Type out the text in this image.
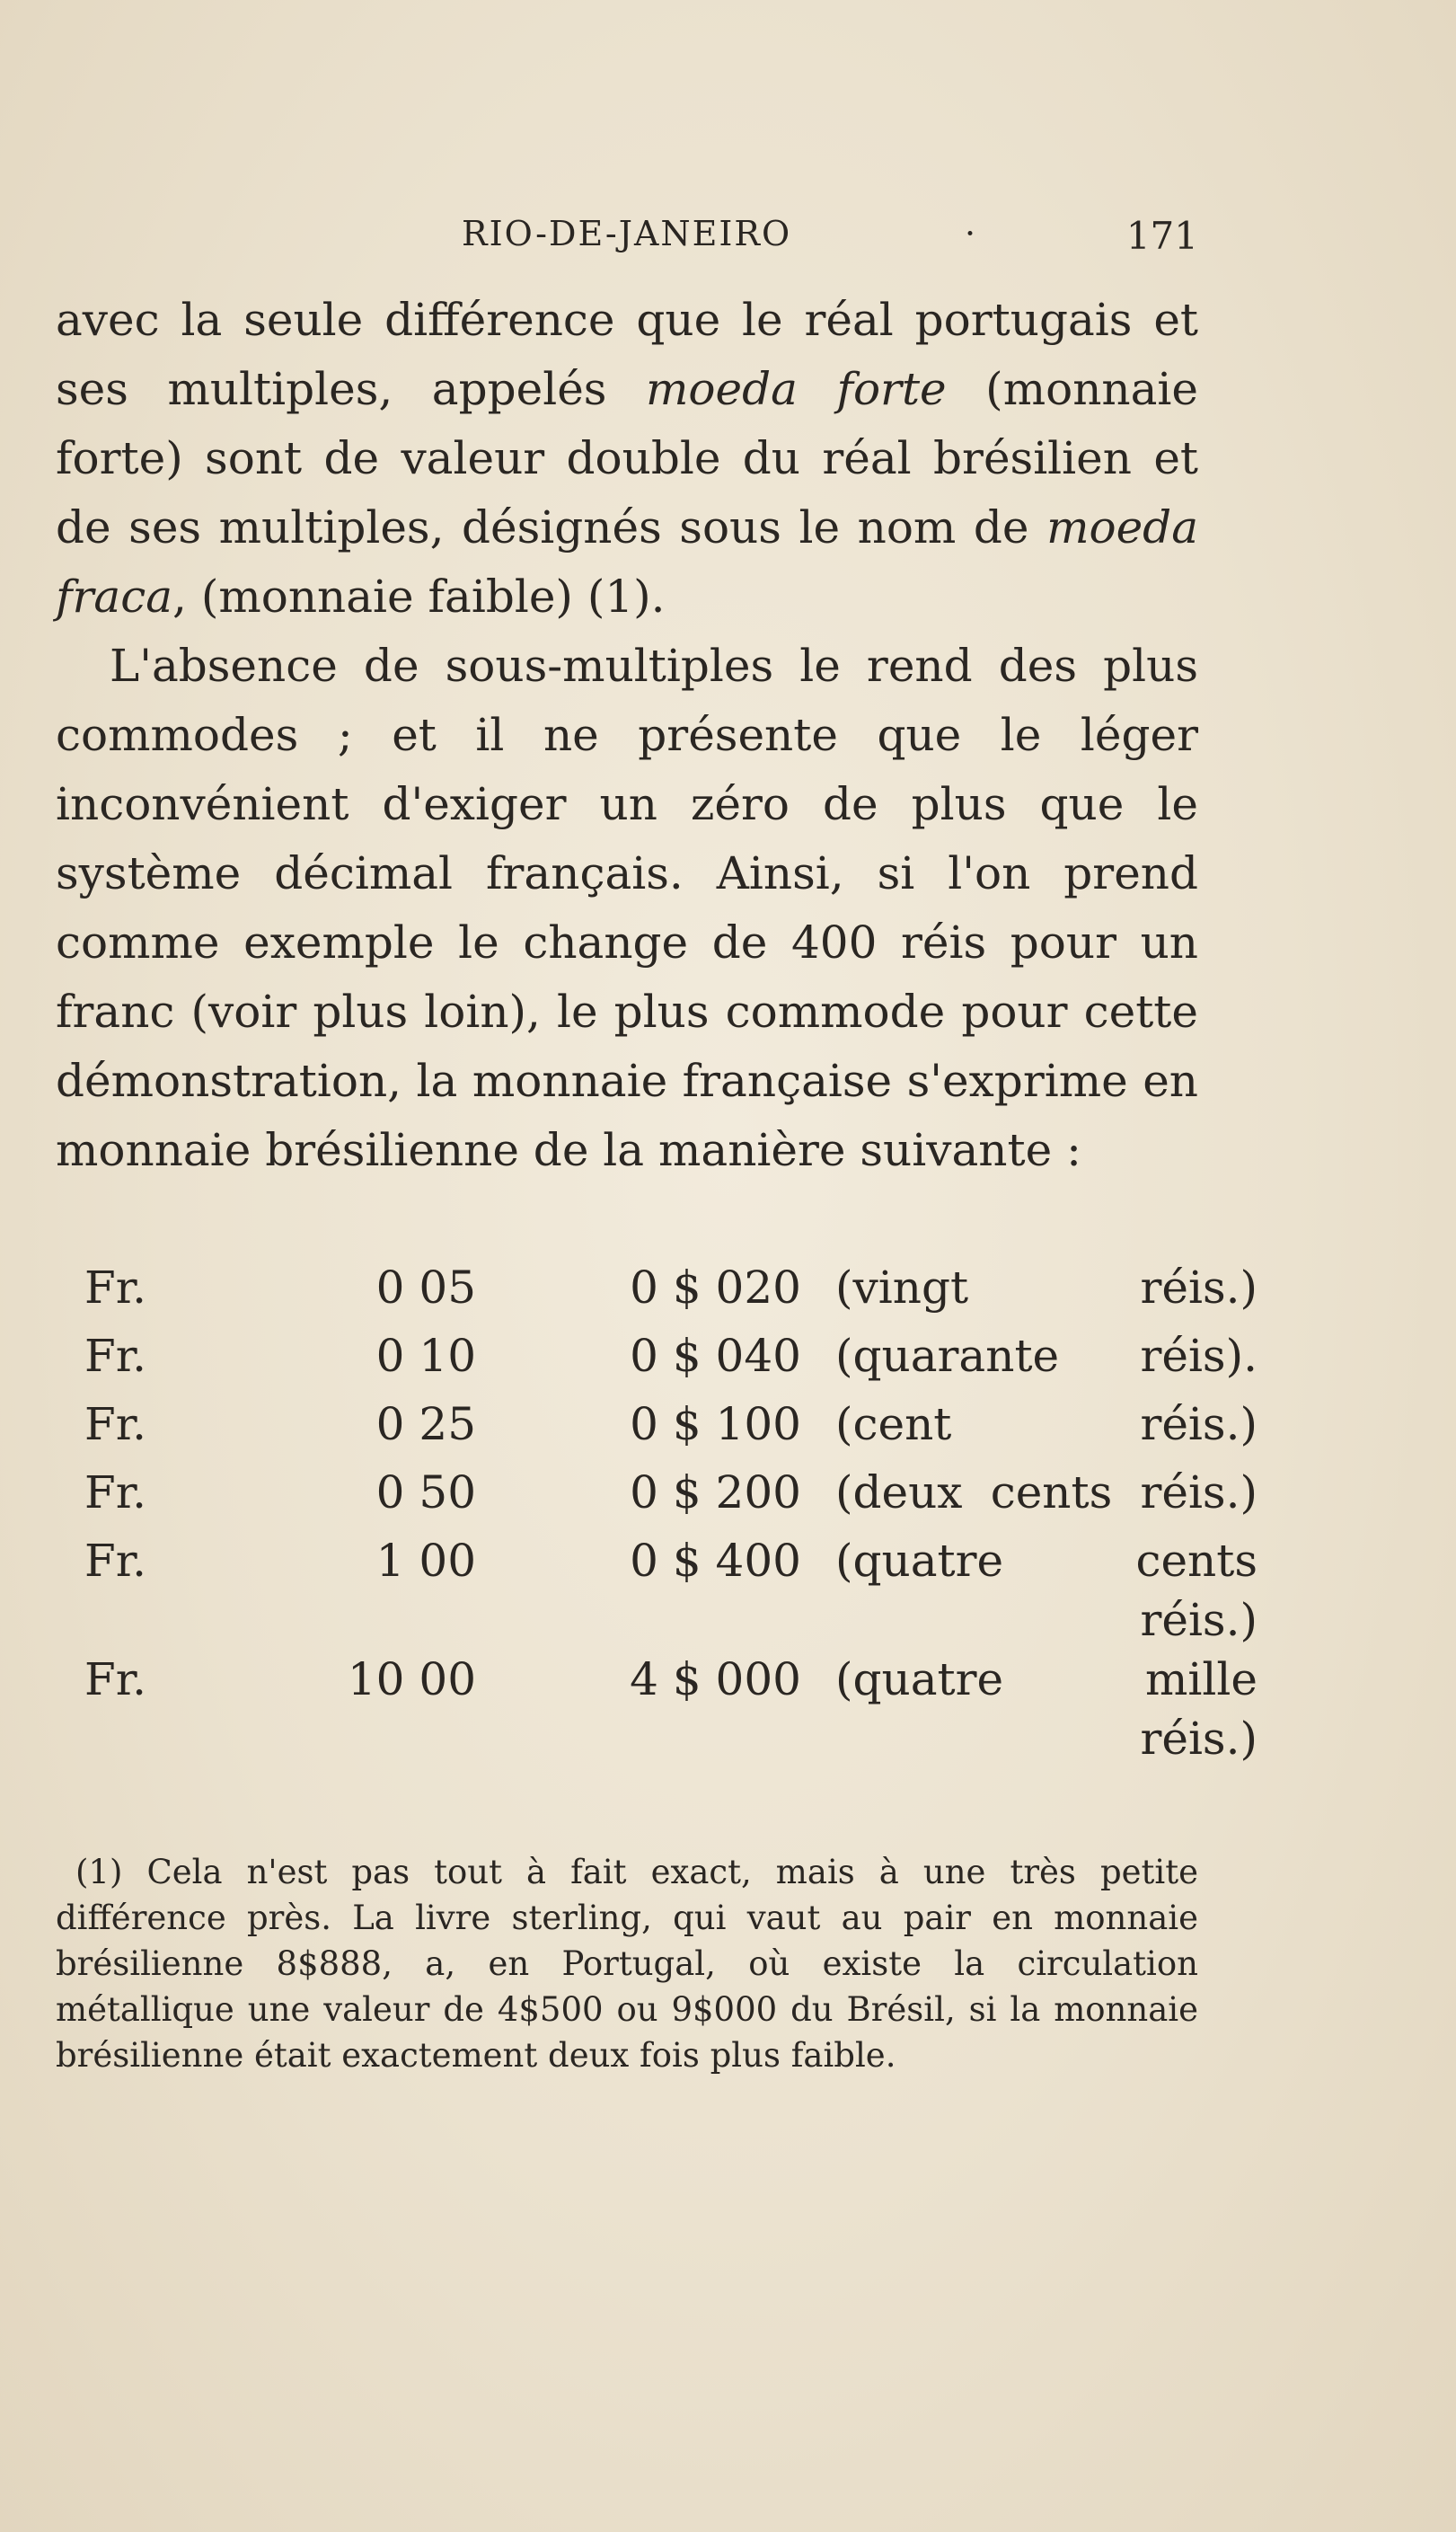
RIO-DE-JANEIRO	·	171

avec la seule différence que le réal portugais et ses multiples, appelés moeda forte (monnaie forte) sont de valeur double du réal brésilien et de ses multiples, désignés sous le nom de moeda fraca, (monnaie faible) (1).

L'absence de sous-multiples le rend des plus commodes ; et il ne présente que le léger inconvénient d'exiger un zéro de plus que le système décimal français. Ainsi, si l'on prend comme exemple le change de 400 réis pour un franc (voir plus loin), le plus commode pour cette démonstration, la monnaie française s'exprime en monnaie brésilienne de la manière suivante :

Fr.	0 05	0 $ 020 (vingt réis.)
Fr.	0 10	0 $ 040 (quarante réis).
Fr.	0 25	0 $ 100 (cent réis.)
Fr.	0 50	0 $ 200 (deux cents réis.)
Fr.	1 00	0 $ 400 (quatre cents
réis.)
Fr.	10 00	4 $ 000 (quatre mille
réis.)

(1) Cela n'est pas tout à fait exact, mais à une très petite différence près. La livre sterling, qui vaut au pair en monnaie brésilienne 8$888, a, en Portugal, où existe la circulation métallique une valeur de 4$500 ou 9$000 du Brésil, si la monnaie brésilienne était exactement deux fois plus faible.
